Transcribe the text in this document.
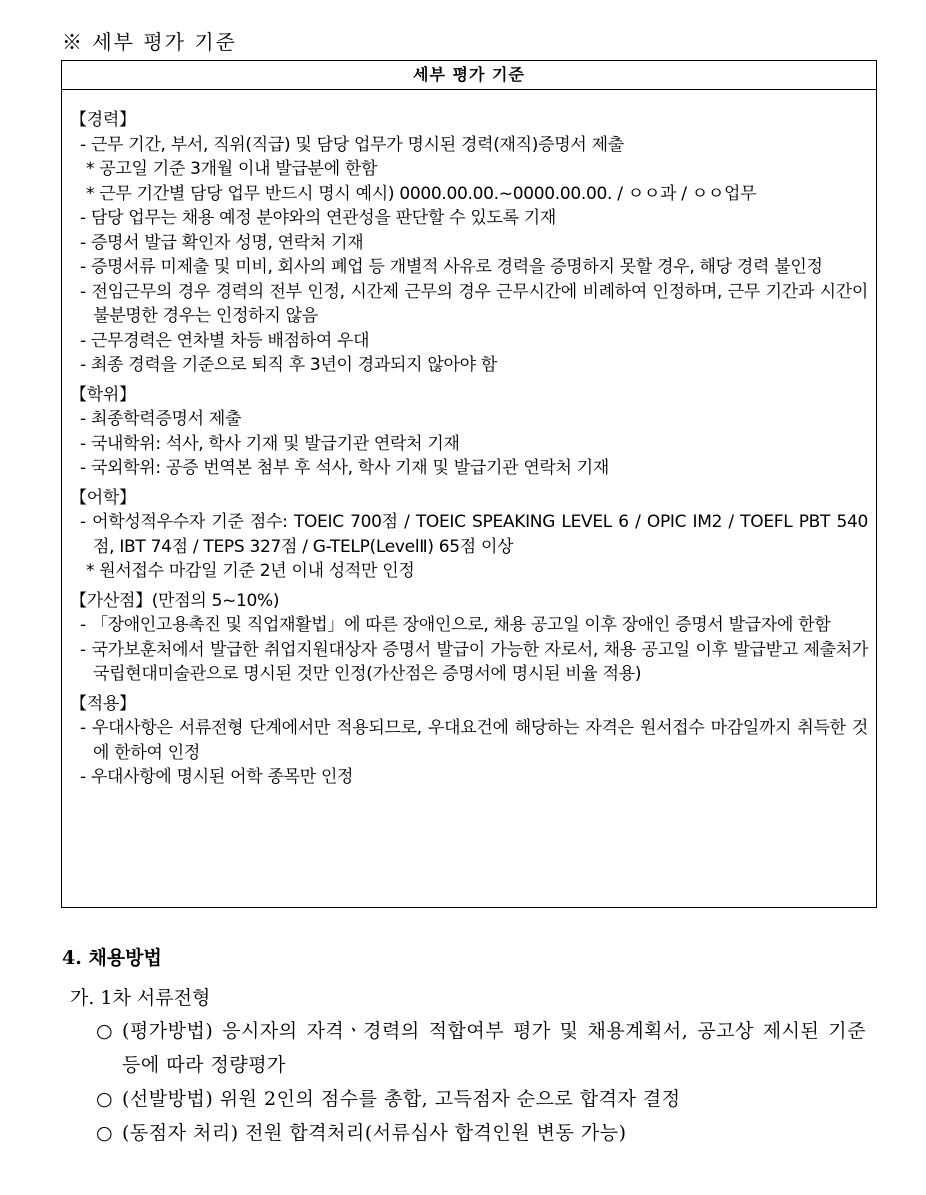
※ 세부 평가 기준
세부 평가 기준
【경력】
- 근무 기간, 부서, 직위(직급) 및 담당 업무가 명시된 경력(재직)증명서 제출
* 공고일 기준 3개월 이내 발급분에 한함
* 근무 기간별 담당 업무 반드시 명시 예시) 0000.00.00.~0000.00.00. / ㅇㅇ과 / ㅇㅇ업무
- 담당 업무는 채용 예정 분야와의 연관성을 판단할 수 있도록 기재
- 증명서 발급 확인자 성명, 연락처 기재
- 증명서류 미제출 및 미비, 회사의 폐업 등 개별적 사유로 경력을 증명하지 못할 경우, 해당 경력 불인정
- 전임근무의 경우 경력의 전부 인정, 시간제 근무의 경우 근무시간에 비례하여 인정하며, 근무 기간과 시간이 불분명한 경우는 인정하지 않음
- 근무경력은 연차별 차등 배점하여 우대
- 최종 경력을 기준으로 퇴직 후 3년이 경과되지 않아야 함
【학위】
- 최종학력증명서 제출
- 국내학위: 석사, 학사 기재 및 발급기관 연락처 기재
- 국외학위: 공증 번역본 첨부 후 석사, 학사 기재 및 발급기관 연락처 기재
【어학】
- 어학성적우수자 기준 점수: TOEIC 700점 / TOEIC SPEAKING LEVEL 6 / OPIC IM2 / TOEFL PBT 540점, IBT 74점 / TEPS 327점 / G-TELP(LevelⅡ) 65점 이상
* 원서접수 마감일 기준 2년 이내 성적만 인정
【가산점】(만점의 5~10%)
- 「장애인고용촉진 및 직업재활법」에 따른 장애인으로, 채용 공고일 이후 장애인 증명서 발급자에 한함
- 국가보훈처에서 발급한 취업지원대상자 증명서 발급이 가능한 자로서, 채용 공고일 이후 발급받고 제출처가 국립현대미술관으로 명시된 것만 인정(가산점은 증명서에 명시된 비율 적용)
【적용】
- 우대사항은 서류전형 단계에서만 적용되므로, 우대요건에 해당하는 자격은 원서접수 마감일까지 취득한 것에 한하여 인정
- 우대사항에 명시된 어학 종목만 인정
4. 채용방법
가. 1차 서류전형
○ (평가방법) 응시자의 자격ㆍ경력의 적합여부 평가 및 채용계획서, 공고상 제시된 기준 등에 따라 정량평가
○ (선발방법) 위원 2인의 점수를 총합, 고득점자 순으로 합격자 결정
○ (동점자 처리) 전원 합격처리(서류심사 합격인원 변동 가능)
